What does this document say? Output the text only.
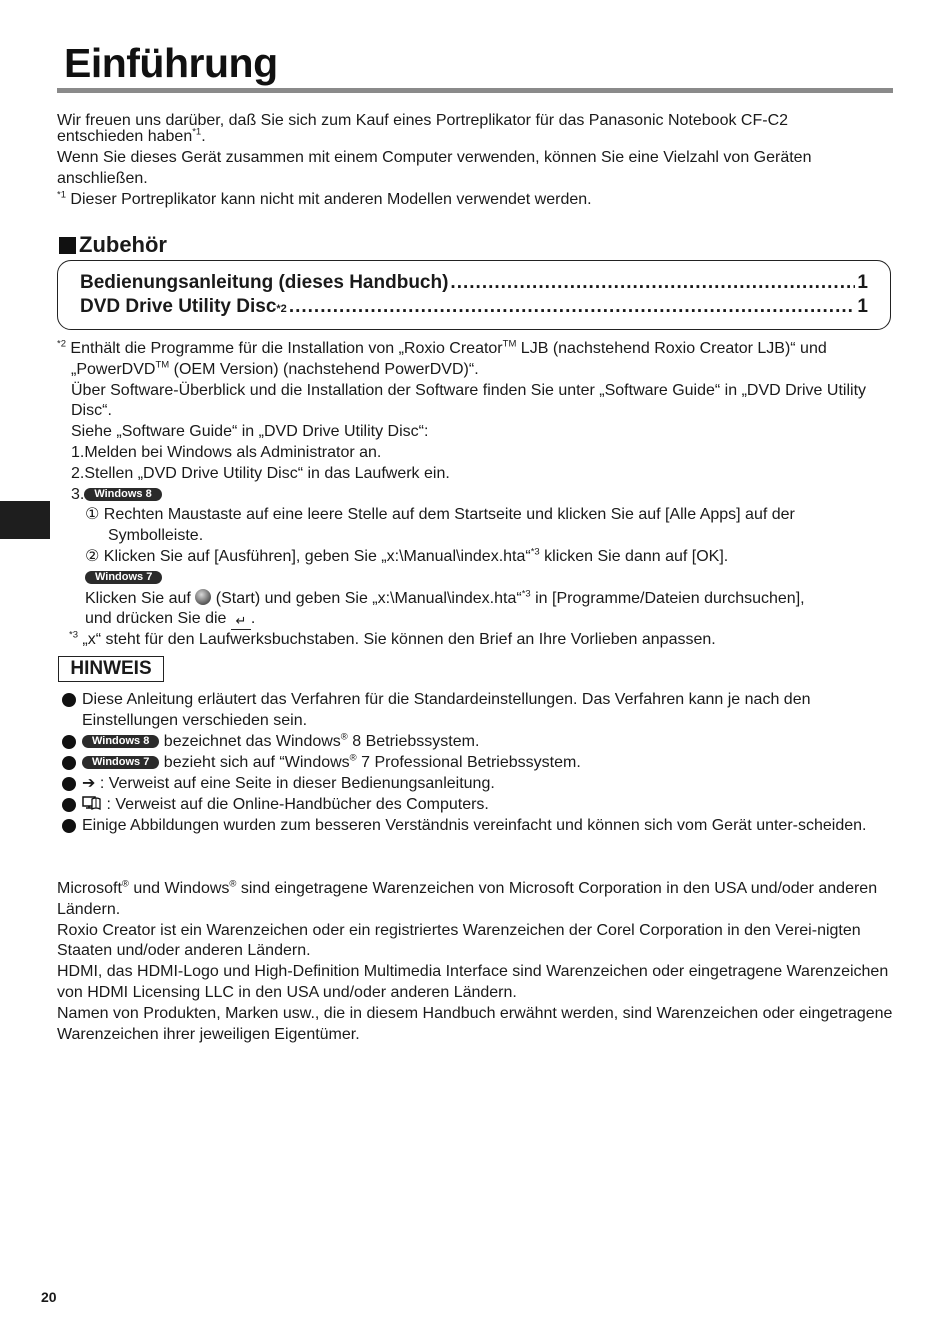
Einführung

Wir freuen uns darüber, daß Sie sich zum Kauf eines Portreplikator für das Panasonic Notebook CF-C2
entschieden haben$^{*1}$.

Wenn Sie dieses Gerät zusammen mit einem Computer verwenden, können Sie eine Vielzahl von Geräten anschließen.

$^{*1}$ Dieser Portreplikator kann nicht mit anderen Modellen verwendet werden.

Zubehör
Bedienungsanleitung (dieses Handbuch) .....	1
DVD Drive Utility Disc *2 .....	1

$^{*2}$ Enthält die Programme für die Installation von „Roxio Creator™ LJB (nachstehend Roxio Creator LJB)“ und

„PowerDVD™ (OEM Version) (nachstehend PowerDVD)“.

Über Software-Überblick und die Installation der Software finden Sie unter „Software Guide“ in „DVD Drive Utility Disc“.

Siehe „Software Guide“ in „DVD Drive Utility Disc“:

1.Melden bei Windows als Administrator an.

2.Stellen „DVD Drive Utility Disc“ in das Laufwerk ein.

3. Windows 8

① Rechten Maustaste auf eine leere Stelle auf dem Startseite und klicken Sie auf [Alle Apps] auf der Symbolleiste.

② Klicken Sie auf [Ausführen], geben Sie „x:\Manual\index.hta“$^{*3}$ klicken Sie dann auf [OK].

Windows 7

Klicken Sie auf  (Start) und geben Sie „x:\Manual\index.hta“$^{*3}$ in [Programme/Dateien durchsuchen],

und drücken Sie die ↵ .

$^{*3}$ „x“ steht für den Laufwerksbuchstaben. Sie können den Brief an Ihre Vorlieben anpassen.

HINWEIS
Diese Anleitung erläutert das Verfahren für die Standardeinstellungen. Das Verfahren kann je nach den Einstellungen verschieden sein.
Windows 8 bezeichnet das Windows® 8 Betriebssystem.
Windows 7 bezieht sich auf “Windows® 7 Professional Betriebssystem.
➔ : Verweist auf eine Seite in dieser Bedienungsanleitung.
: Verweist auf die Online-Handbücher des Computers.
Einige Abbildungen wurden zum besseren Verständnis vereinfacht und können sich vom Gerät unter-scheiden.

Microsoft® und Windows® sind eingetragene Warenzeichen von Microsoft Corporation in den USA und/oder anderen Ländern.

Roxio Creator ist ein Warenzeichen oder ein registriertes Warenzeichen der Corel Corporation in den Verei-nigten Staaten und/oder anderen Ländern.

HDMI, das HDMI-Logo und High-Definition Multimedia Interface sind Warenzeichen oder eingetragene Warenzeichen von HDMI Licensing LLC in den USA und/oder anderen Ländern.

Namen von Produkten, Marken usw., die in diesem Handbuch erwähnt werden, sind Warenzeichen oder eingetragene Warenzeichen ihrer jeweiligen Eigentümer.

20
